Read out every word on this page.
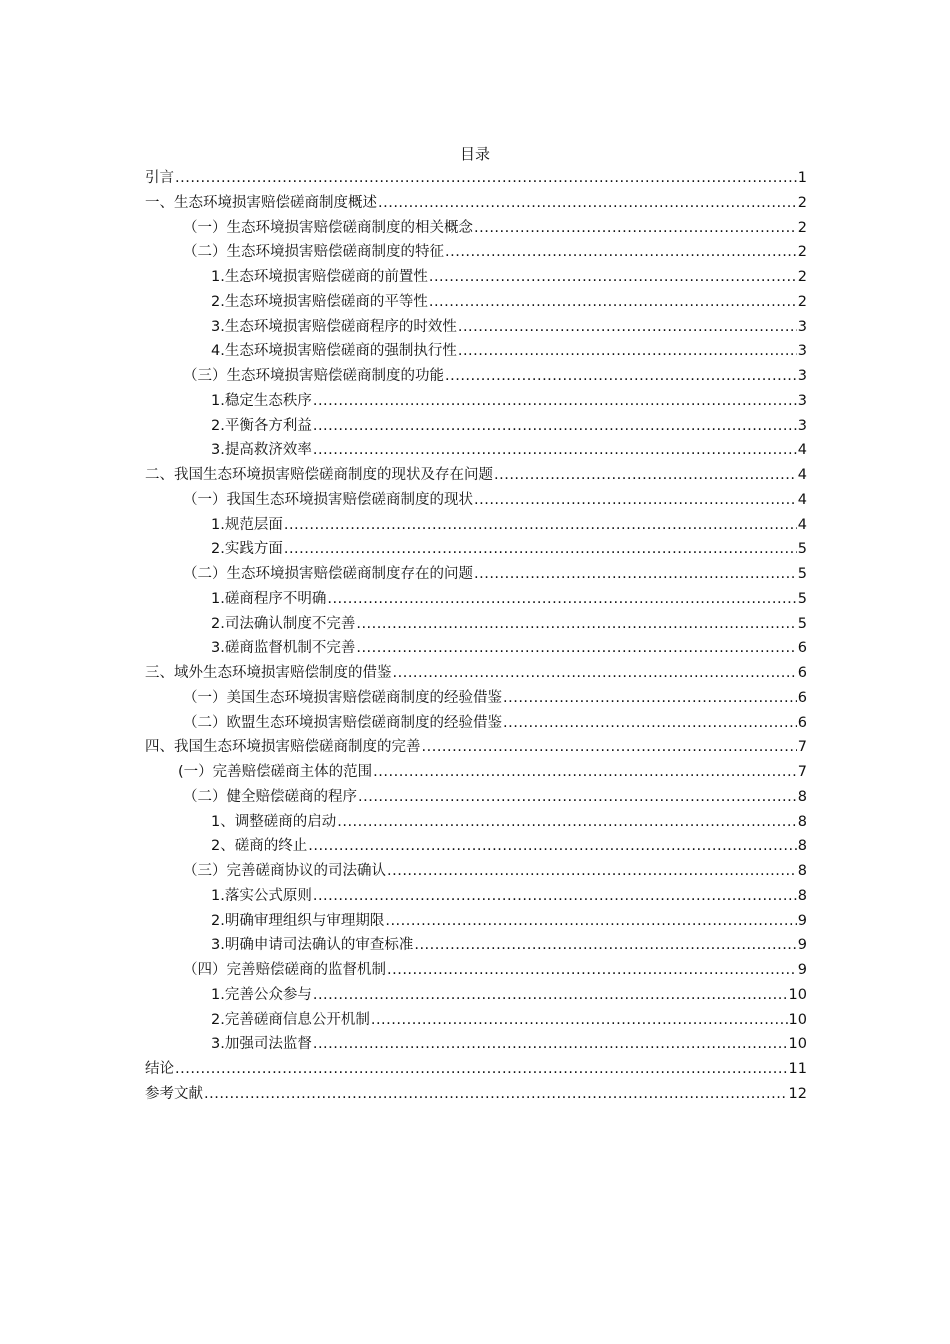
目录
引言 .....	1
一、生态环境损害赔偿磋商制度概述 .....	2
（一）生态环境损害赔偿磋商制度的相关概念 .....	2
（二）生态环境损害赔偿磋商制度的特征 .....	2
1.生态环境损害赔偿磋商的前置性 .....	2
2.生态环境损害赔偿磋商的平等性 .....	2
3.生态环境损害赔偿磋商程序的时效性 .....	3
4.生态环境损害赔偿磋商的强制执行性 .....	3
（三）生态环境损害赔偿磋商制度的功能 .....	3
1.稳定生态秩序 .....	3
2.平衡各方利益 .....	3
3.提高救济效率 .....	4
二、我国生态环境损害赔偿磋商制度的现状及存在问题 .....	4
（一）我国生态环境损害赔偿磋商制度的现状 .....	4
1.规范层面 .....	4
2.实践方面 .....	5
（二）生态环境损害赔偿磋商制度存在的问题 .....	5
1.磋商程序不明确 .....	5
2.司法确认制度不完善 .....	5
3.磋商监督机制不完善 .....	6
三、域外生态环境损害赔偿制度的借鉴 .....	6
（一）美国生态环境损害赔偿磋商制度的经验借鉴 .....	6
（二）欧盟生态环境损害赔偿磋商制度的经验借鉴 .....	6
四、我国生态环境损害赔偿磋商制度的完善 .....	7
(一）完善赔偿磋商主体的范围 .....	7
（二）健全赔偿磋商的程序 .....	8
1、调整磋商的启动 .....	8
2、磋商的终止 .....	8
（三）完善磋商协议的司法确认 .....	8
1.落实公式原则 .....	8
2.明确审理组织与审理期限 .....	9
3.明确申请司法确认的审查标准 .....	9
（四）完善赔偿磋商的监督机制 .....	9
1.完善公众参与 .....	10
2.完善磋商信息公开机制 .....	10
3.加强司法监督 .....	10
结论 .....	11
参考文献 .....	12
